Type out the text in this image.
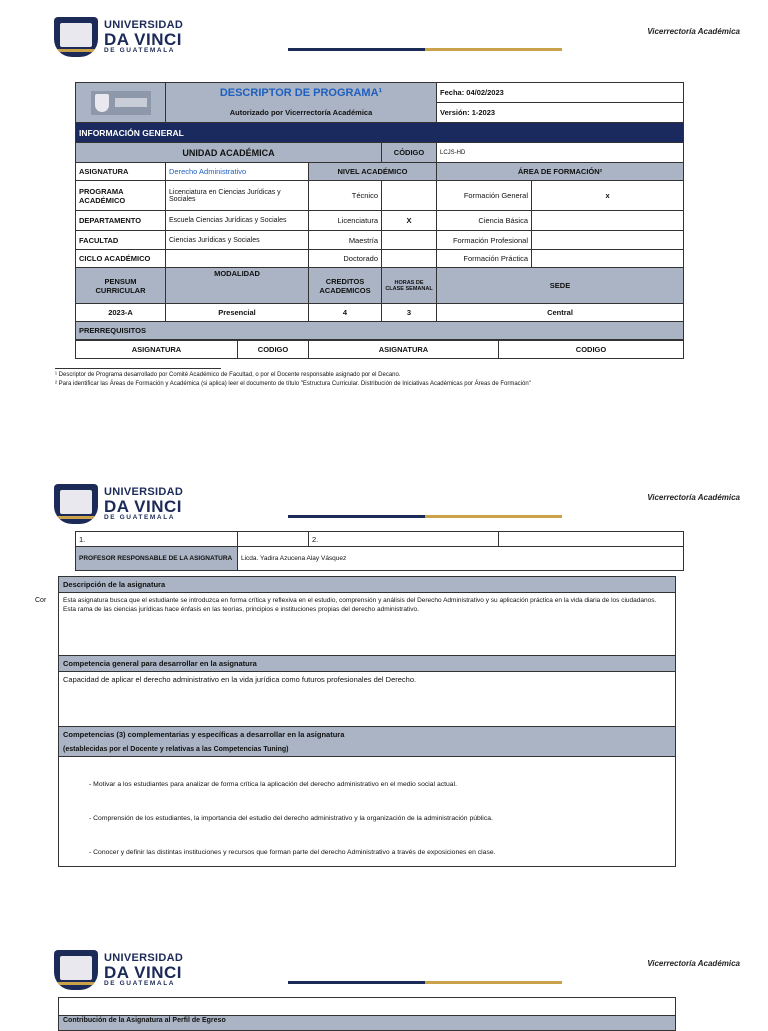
UNIVERSIDAD
DA VINCI
DE GUATEMALA
Vicerrectoría Académica
	DESCRIPTOR DE PROGRAMA¹			Fecha: 04/02/2023	
	Autorizado por Vicerrectoría Académica			Versión: 1-2023	
INFORMACIÓN GENERAL					
UNIDAD ACADÉMICA			CÓDIGO	LCJS-HD	
ASIGNATURA	Derecho Administrativo	NIVEL ACADÉMICO		ÁREA DE FORMACIÓN²	
PROGRAMA ACADÉMICO	Licenciatura en Ciencias Jurídicas y Sociales	Técnico		Formación General	x
DEPARTAMENTO	Escuela Ciencias Jurídicas y Sociales	Licenciatura	X	Ciencia Básica	
FACULTAD	Ciencias Jurídicas y Sociales	Maestría		Formación Profesional	
CICLO ACADÉMICO		Doctorado		Formación Práctica	
PENSUM CURRICULAR	MODALIDAD	CREDITOS ACADEMICOS	HORAS DE CLASE SEMANAL	SEDE	
2023-A	Presencial	4	3	Central	
PRERREQUISITOS					
ASIGNATURA	CODIGO	ASIGNATURA	CODIGO
¹ Descriptor de Programa desarrollado por Comité Académico de Facultad, o por el Docente responsable asignado por el Decano.
² Para identificar las Áreas de Formación y Académica (si aplica) leer el documento de título "Estructura Curricular. Distribución de Iniciativas Académicas por Áreas de Formación"
UNIVERSIDAD
DA VINCI
DE GUATEMALA
Vicerrectoría Académica
1.		2.	
PROFESOR RESPONSABLE DE LA ASIGNATURA	Licda. Yadira Azucena Alay Vásquez		
Cor
Descripción de la asignatura
Esta asignatura busca que el estudiante se introduzca en forma crítica y reflexiva en el estudio, comprensión y análisis del Derecho Administrativo y su aplicación práctica en la vida diaria de los ciudadanos. Esta rama de las ciencias jurídicas hace énfasis en las teorías, principios e instituciones propias del derecho administrativo.
Competencia general para desarrollar en la asignatura
Capacidad de aplicar el derecho administrativo en la vida jurídica como futuros profesionales del Derecho.
Competencias (3) complementarias y específicas a desarrollar en la asignatura
(establecidas por el Docente y relativas a las Competencias Tuning)
- Motivar a los estudiantes para analizar de forma crítica la aplicación del derecho administrativo en el medio social actual.
- Comprensión de los estudiantes, la importancia del estudio del derecho administrativo y la organización de la administración pública.
- Conocer y definir las distintas instituciones y recursos que forman parte del derecho Administrativo a través de exposiciones en clase.
UNIVERSIDAD
DA VINCI
DE GUATEMALA
Vicerrectoría Académica
Contribución de la Asignatura al Perfil de Egreso
